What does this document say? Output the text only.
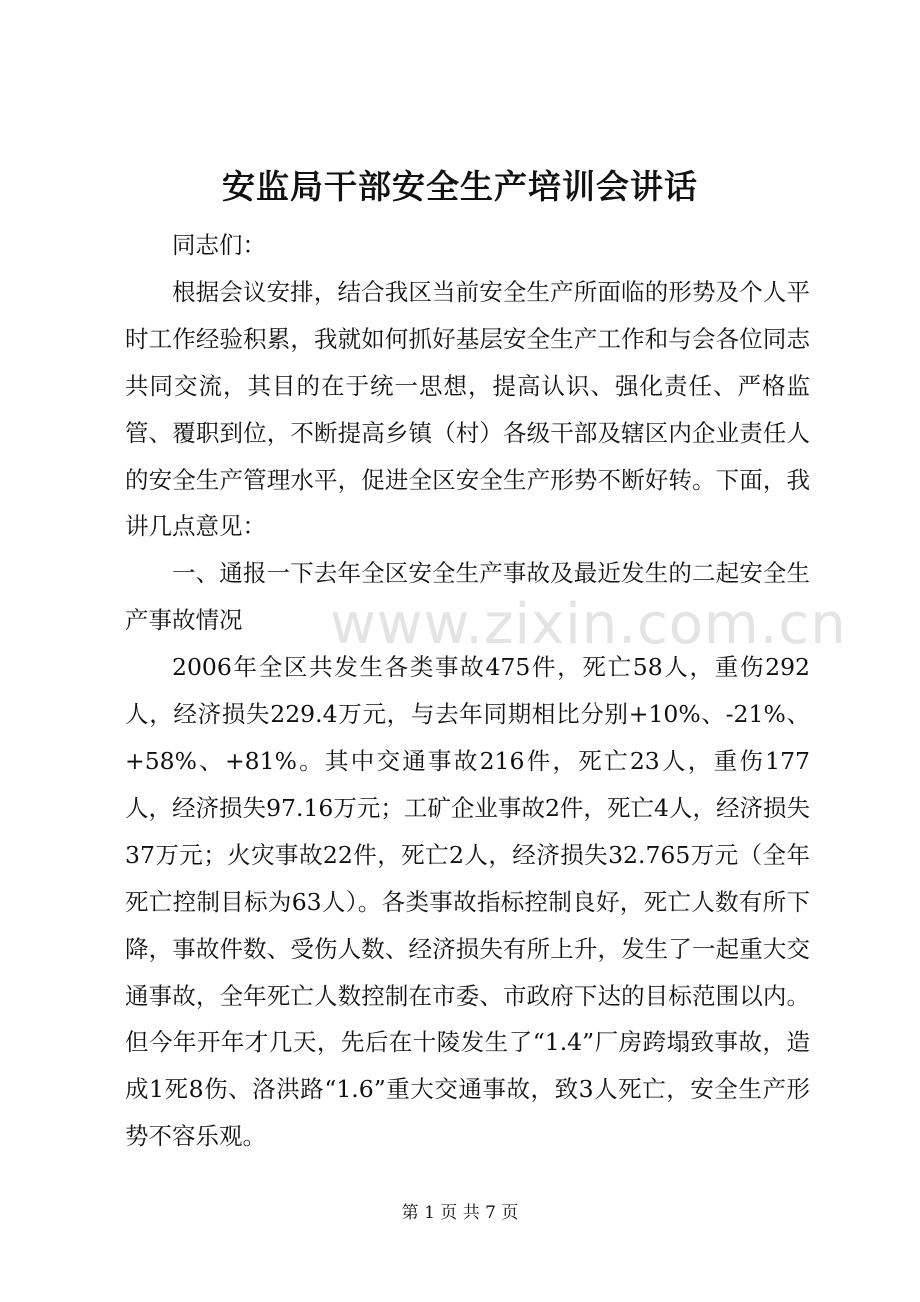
www.zixin.com.cn
安监局干部安全生产培训会讲话

同志们：

根据会议安排，结合我区当前安全生产所面临的形势及个人平时工作经验积累，我就如何抓好基层安全生产工作和与会各位同志共同交流，其目的在于统一思想，提高认识、强化责任、严格监管、覆职到位，不断提高乡镇（村）各级干部及辖区内企业责任人的安全生产管理水平，促进全区安全生产形势不断好转。下面，我讲几点意见：

一、通报一下去年全区安全生产事故及最近发生的二起安全生产事故情况

2006年全区共发生各类事故475件，死亡58人，重伤292人，经济损失229.4万元，与去年同期相比分别+10%、-21%、+58%、+81%。其中交通事故216件，死亡23人，重伤177人，经济损失97.16万元；工矿企业事故2件，死亡4人，经济损失37万元；火灾事故22件，死亡2人，经济损失32.765万元（全年死亡控制目标为63人）。各类事故指标控制良好，死亡人数有所下降，事故件数、受伤人数、经济损失有所上升，发生了一起重大交通事故，全年死亡人数控制在市委、市政府下达的目标范围以内。但今年开年才几天，先后在十陵发生了“1.4”厂房跨塌致事故，造成1死8伤、洛洪路“1.6”重大交通事故，致3人死亡，安全生产形势不容乐观。

第 1 页 共 7 页
